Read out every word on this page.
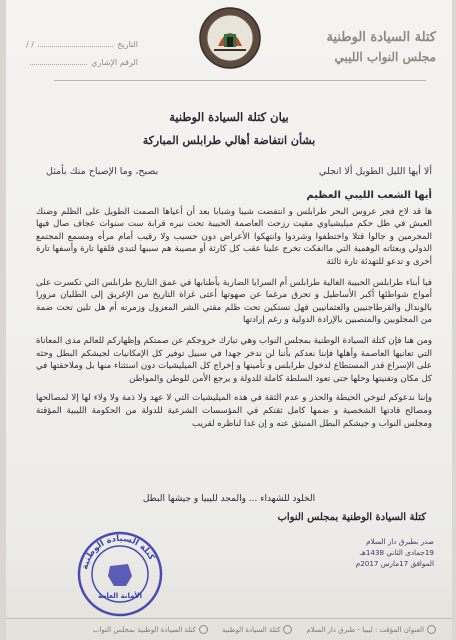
كتلة السيادة الوطنية
مجلس النواب الليبي
التاريخ
/ /
الرقم الإشاري
بيان كتلة السيادة الوطنية
بشأن انتفاضة أهالي طرابلس المباركة
ألا أيها الليل الطويل ألا انجلي
بصبح، وما الإصباح منك بأمثل
أيها الشعب الليبي العظيم

ها قد لاح فجر عروس البحر طرابلس و انتفضت شيبا وشبابا بعد أن أعياها الصمت الطويل على الظلم وضنك العيش في ظل حكم ميليشياوي مقيت رزحت العاصمة الحبيبة تحت نيره قرابة ست سنوات عجاف صال فيها المجرمين و جالوا قتلا واختطفوا وشردوا وانتهكوا الأعراض دون حسيب ولا رقيب أمام مرأه ومسمع المجتمع الدولي وبعثاته الوهمية التي ماانفكت تخرج علينا عقب كل كارثة أو مصيبة هم سببها لتبدي قلقها تارة وأسفها تارة أخرى و تدعو للتهدئة تارة ثالثة

فيا أبناء طرابلس الحبيبة الغالية طرابلس أم السرايا الضاربة بأطنابها في عمق التاريخ طرابلس التي تكسرت على أمواج شواطئها أكبر الأساطيل و تحرق مرغما عن صهوتها أعتى غزاة التاريخ من الإغريق إلى الطليان مرورا بالوندال والقرطاجنيين والعثمانيين فهل تستكين تحت ظلم مقتي الشر المعزول وزمرته أم هل تلين تحت ضمة من المجلوبين والمنصبين بالإرادة الدولية و رغم إرادتها

ومن هنا فإن كتلة السيادة الوطنية بمجلس النواب وهي تبارك خروجكم عن صمتكم وإظهاركم للعالم مدى المعاناة التي تعانيها العاصمة وأهلها فإننا نعدكم بأننا لن ندخر جهدا في سبيل توفير كل الإمكانيات لجيشكم البطل وحثه على الإسراع قدر المستطاع لدخول طرابلس و تأمينها و إخراج كل الميليشيات دون استثناء منها بل وملاحقتها في كل مكان وتفنيتها وحلها حتى تعود السلطة كاملة للدولة و يرجع الأمن للوطن والمواطن

وإننا ندعوكم لتوخي الحيطة والحذر و عدم الثقة في هذه الميليشيات التي لا عهد ولا ذمة ولا ولاء لها إلا لمصالحها ومصالح قادتها الشخصية و ضمها كامل ثقتكم في المؤسسات الشرعية للدولة من الحكومة الليبية المؤقتة ومجلس النواب و جيشكم البطل المنبثق عنه و إن غدا لناظره لقريب

الخلود للشهداء ... والمجد لليبيا و جيشها البطل
كتلة السيادة الوطنية بمجلس النواب
صدر بطبرق دار السلام
19جمادى الثاني 1438هـ
الموافق 17مارس 2017م
كتلة السيادة الوطنية
الأمانة العامة
العنوان المؤقت : ليبيا - طبرق دار السلام
كتلة السيادة الوطنية
كتلة السيادة الوطنية بمجلس النواب
